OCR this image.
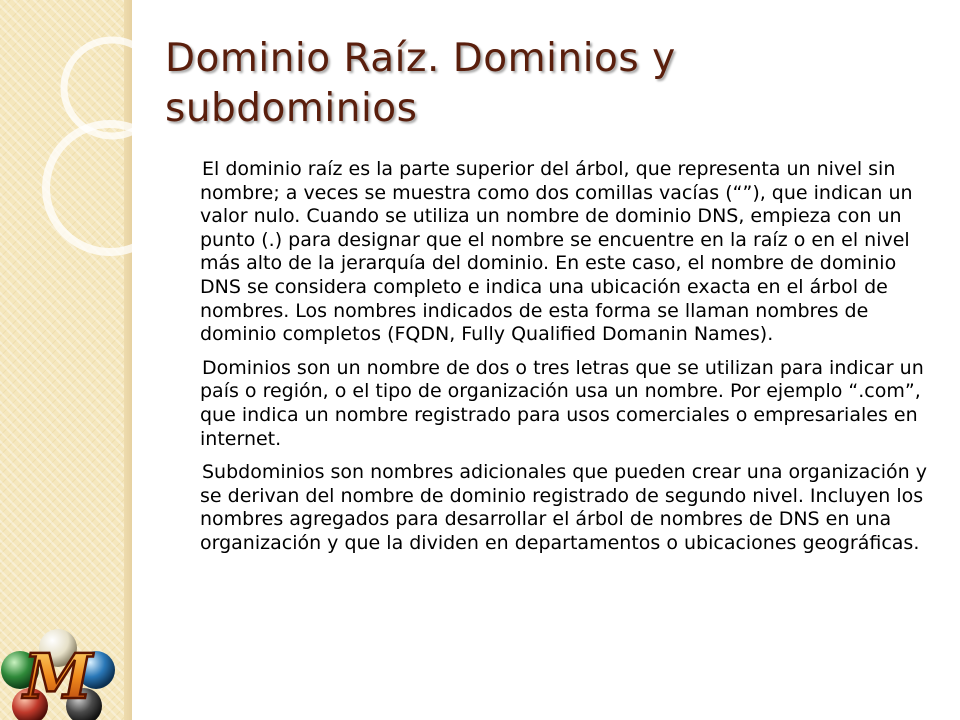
Dominio Raíz. Dominios y
subdominios

El dominio raíz es la parte superior del árbol, que representa un nivel sin nombre; a veces se muestra como dos comillas vacías (“”), que indican un valor nulo. Cuando se utiliza un nombre de dominio DNS, empieza con un punto (.) para designar que el nombre se encuentre en la raíz o en el nivel más alto de la jerarquía del dominio. En este caso, el nombre de dominio DNS se considera completo e indica una ubicación exacta en el árbol de nombres. Los nombres indicados de esta forma se llaman nombres de dominio completos (FQDN, Fully Qualified Domanin Names).

Dominios son un nombre de dos o tres letras que se utilizan para indicar un país o región, o el tipo de organización usa un nombre. Por ejemplo “.com”, que indica un nombre registrado para usos comerciales o empresariales en internet.

Subdominios son nombres adicionales que pueden crear una organización y se derivan del nombre de dominio registrado de segundo nivel. Incluyen los nombres agregados para desarrollar el árbol de nombres de DNS en una organización y que la dividen en departamentos o ubicaciones geográficas.

M
